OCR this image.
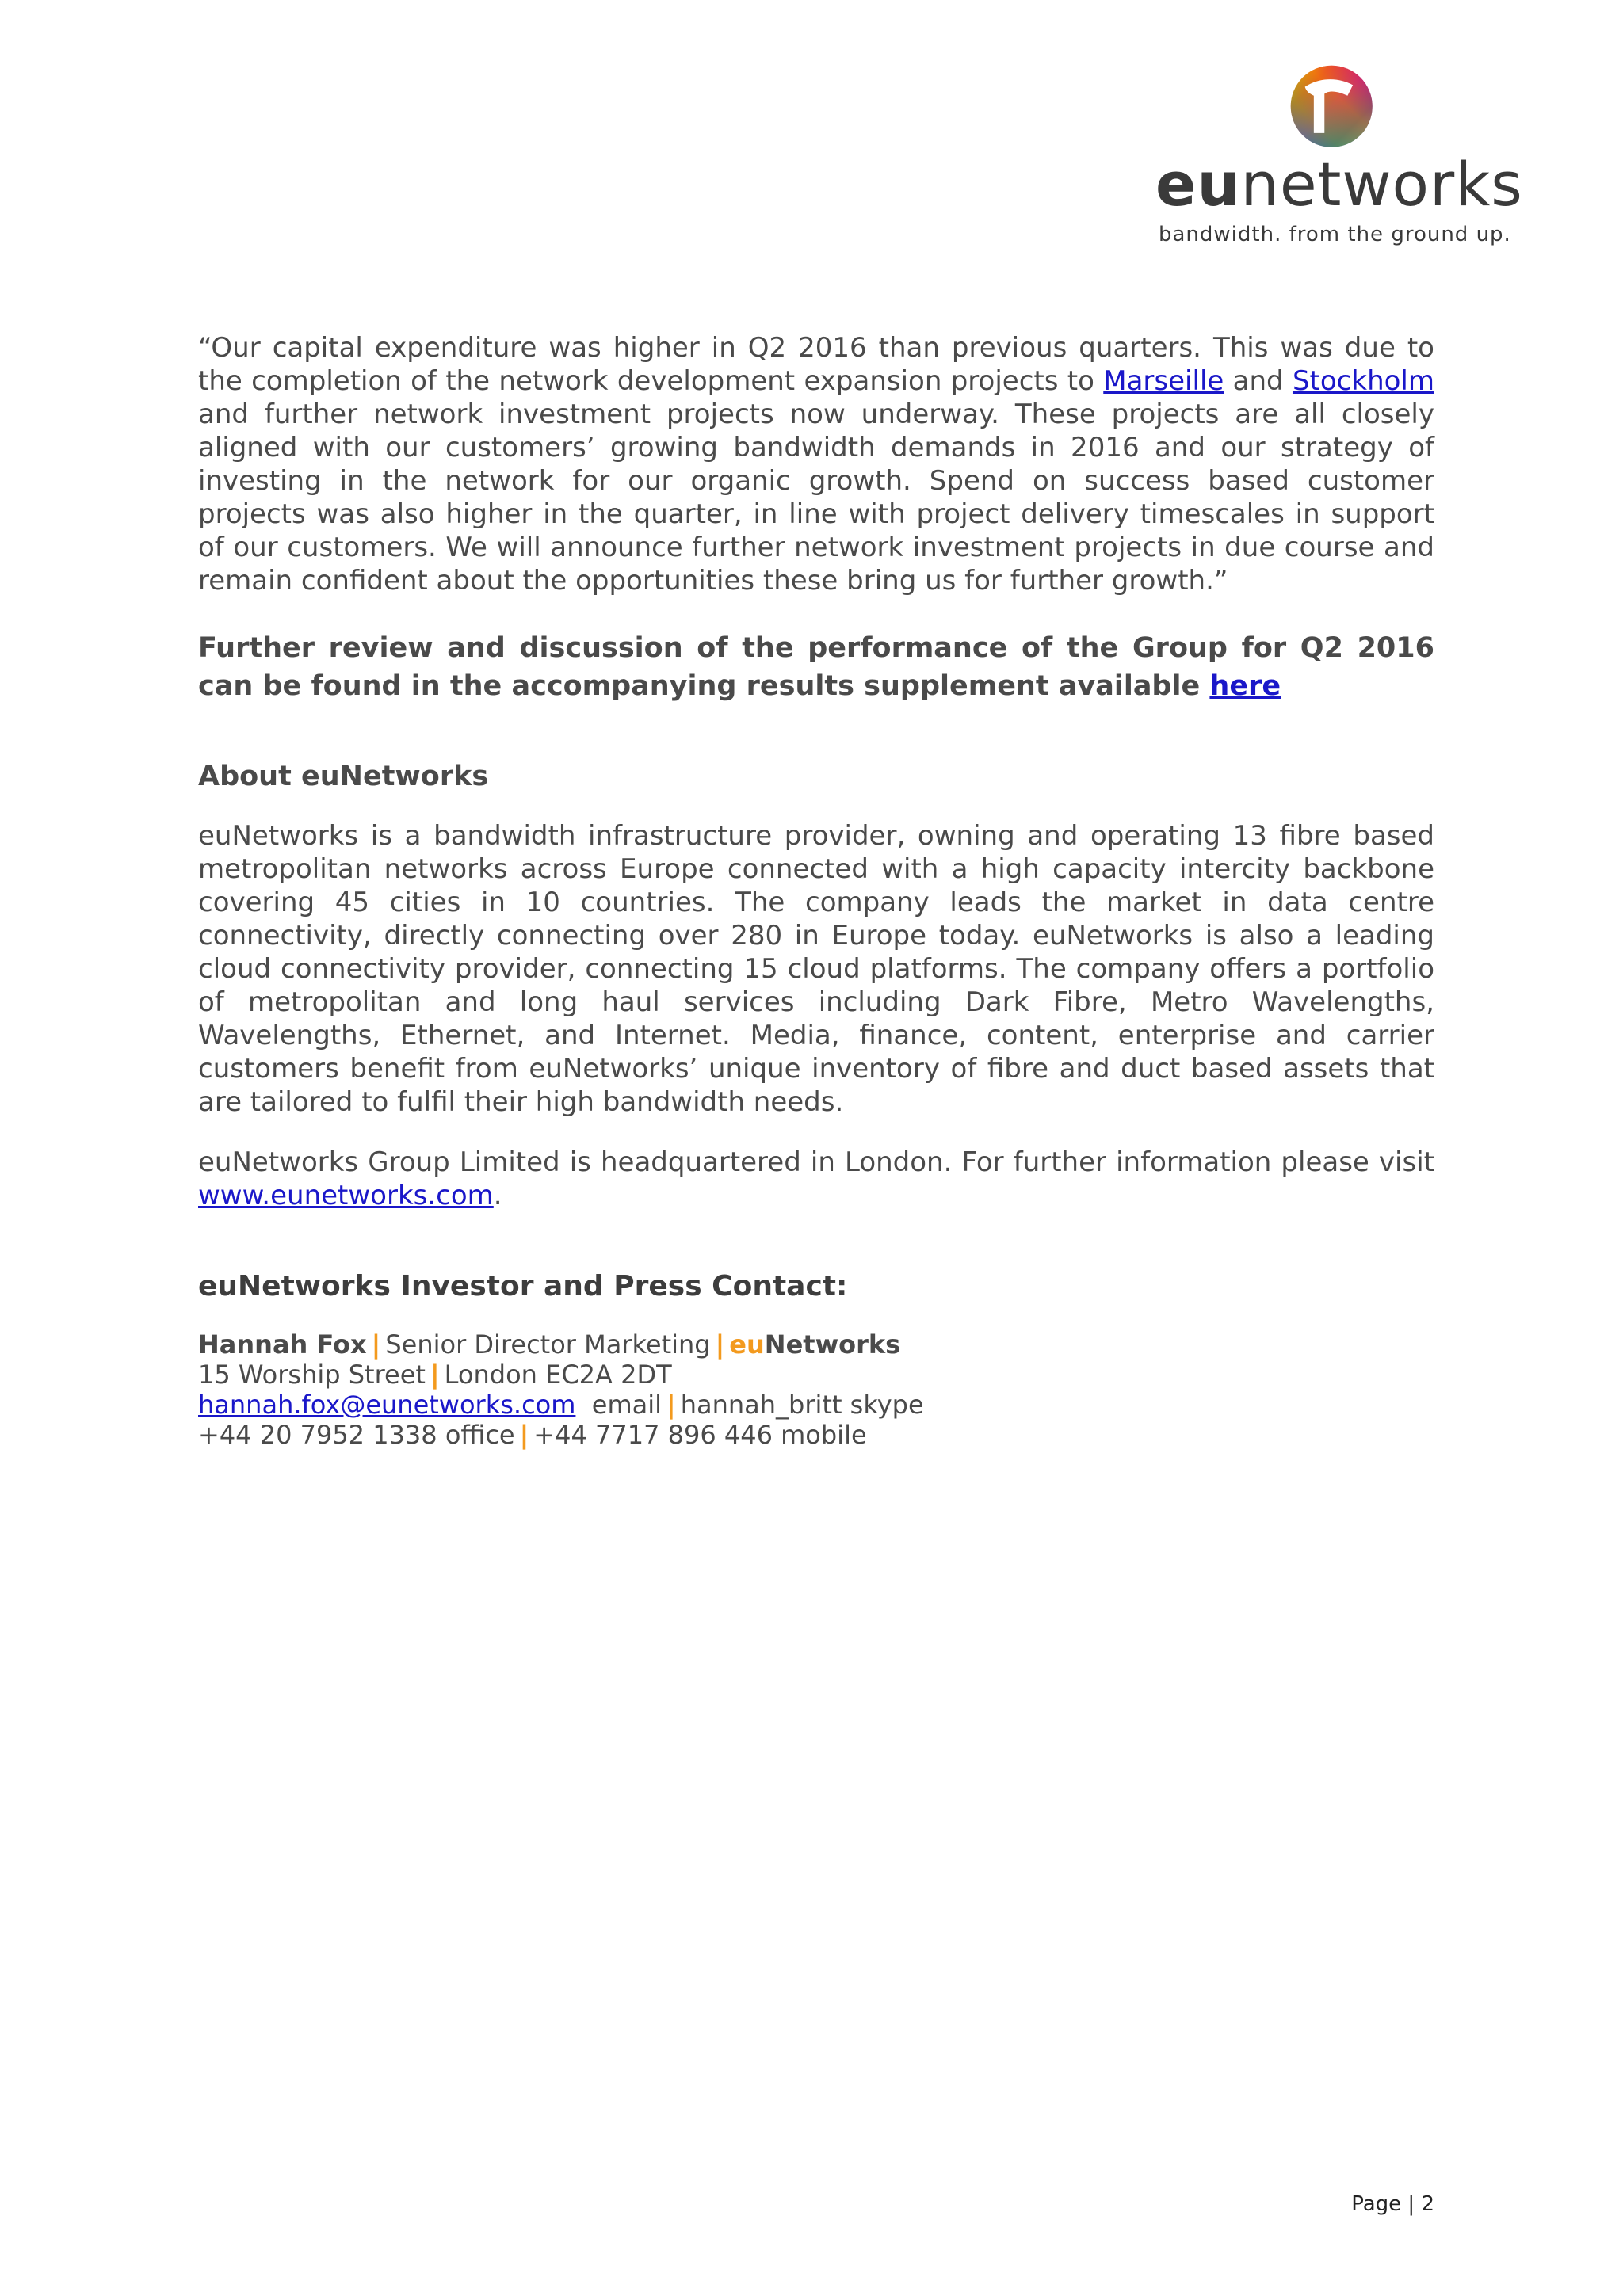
eunetworks
bandwidth. from the ground up.

“Our capital expenditure was higher in Q2 2016 than previous quarters. This was due to the completion of the network development expansion projects to Marseille and Stockholm and further network investment projects now underway. These projects are all closely aligned with our customers’ growing bandwidth demands in 2016 and our strategy of investing in the network for our organic growth. Spend on success based customer projects was also higher in the quarter, in line with project delivery timescales in support of our customers. We will announce further network investment projects in due course and remain confident about the opportunities these bring us for further growth.”

Further review and discussion of the performance of the Group for Q2 2016 can be found in the accompanying results supplement available here

About euNetworks

euNetworks is a bandwidth infrastructure provider, owning and operating 13 fibre based metropolitan networks across Europe connected with a high capacity intercity backbone covering 45 cities in 10 countries. The company leads the market in data centre connectivity, directly connecting over 280 in Europe today. euNetworks is also a leading cloud connectivity provider, connecting 15 cloud platforms. The company offers a portfolio of metropolitan and long haul services including Dark Fibre, Metro Wavelengths, Wavelengths, Ethernet, and Internet. Media, finance, content, enterprise and carrier customers benefit from euNetworks’ unique inventory of fibre and duct based assets that are tailored to fulfil their high bandwidth needs.

euNetworks Group Limited is headquartered in London. For further information please visit www.eunetworks.com.

euNetworks Investor and Press Contact:
Hannah Fox | Senior Director Marketing | euNetworks
15 Worship Street | London EC2A 2DT
hannah.fox@eunetworks.com email | hannah_britt skype
+44 20 7952 1338 office | +44 7717 896 446 mobile
Page | 2
